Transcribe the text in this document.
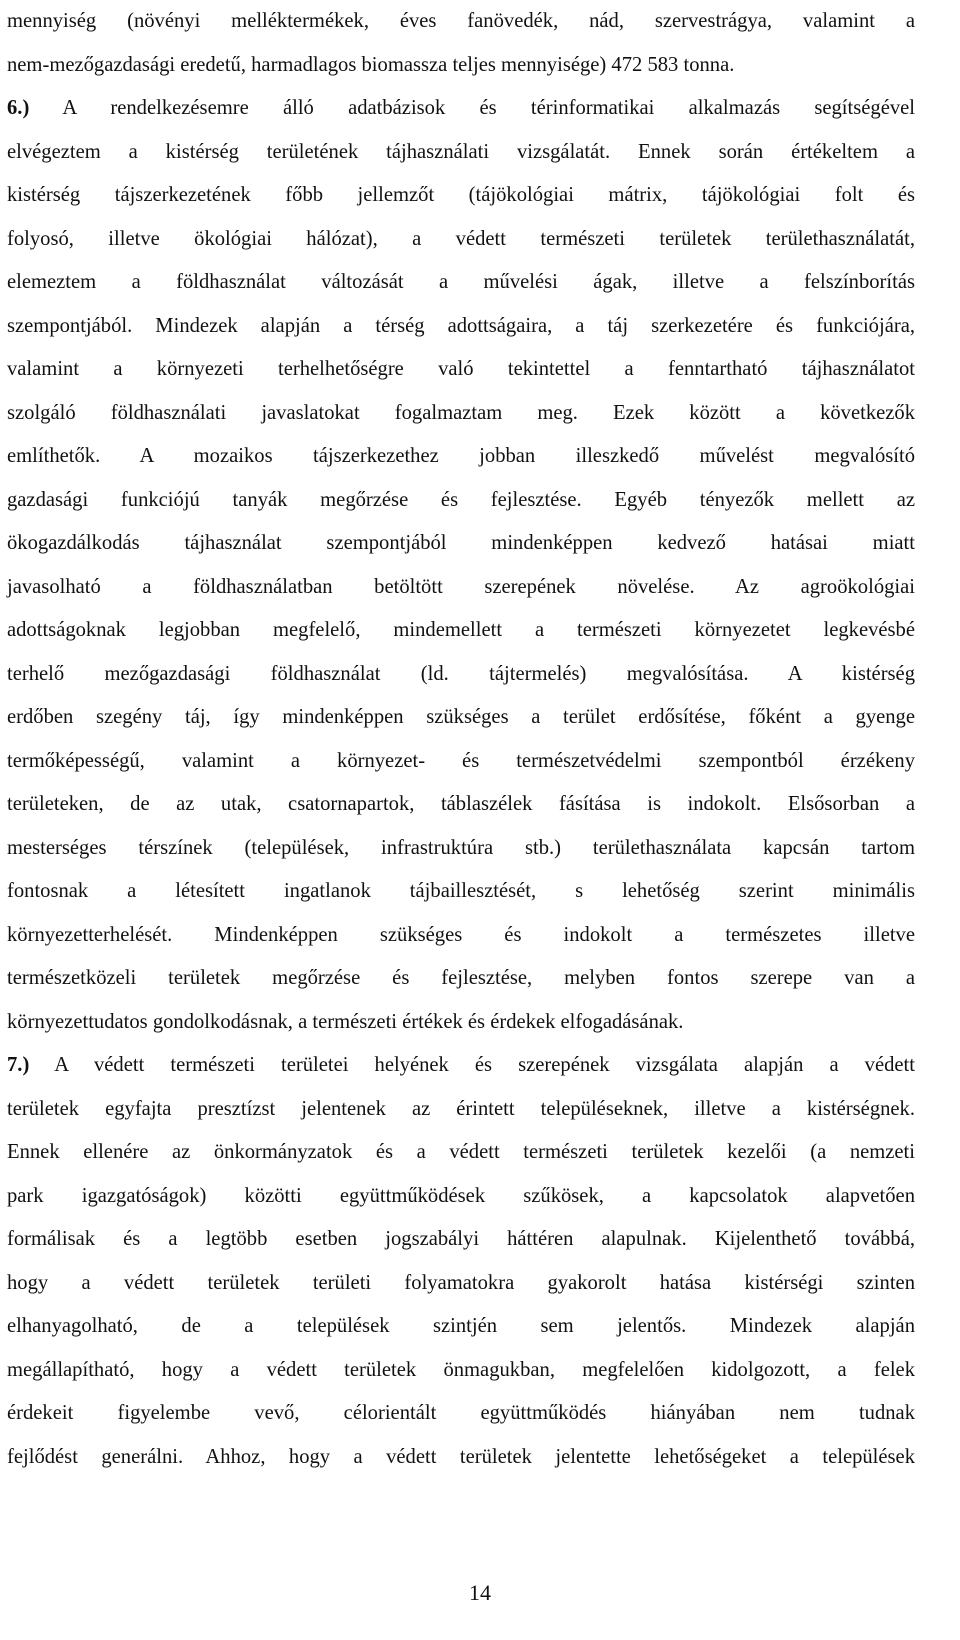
mennyiség (növényi melléktermékek, éves fanövedék, nád, szervestrágya, valamint a
nem-mezőgazdasági eredetű, harmadlagos biomassza teljes mennyisége) 472 583 tonna.
6.) A rendelkezésemre álló adatbázisok és térinformatikai alkalmazás segítségével
elvégeztem a kistérség területének tájhasználati vizsgálatát. Ennek során értékeltem a
kistérség tájszerkezetének főbb jellemzőt (tájökológiai mátrix, tájökológiai folt és
folyosó, illetve ökológiai hálózat), a védett természeti területek területhasználatát,
elemeztem a földhasználat változását a művelési ágak, illetve a felszínborítás
szempontjából. Mindezek alapján a térség adottságaira, a táj szerkezetére és funkciójára,
valamint a környezeti terhelhetőségre való tekintettel a fenntartható tájhasználatot
szolgáló földhasználati javaslatokat fogalmaztam meg. Ezek között a következők
említhetők. A mozaikos tájszerkezethez jobban illeszkedő művelést megvalósító
gazdasági funkciójú tanyák megőrzése és fejlesztése. Egyéb tényezők mellett az
ökogazdálkodás tájhasználat szempontjából mindenképpen kedvező hatásai miatt
javasolható a földhasználatban betöltött szerepének növelése. Az agroökológiai
adottságoknak legjobban megfelelő, mindemellett a természeti környezetet legkevésbé
terhelő mezőgazdasági földhasználat (ld. tájtermelés) megvalósítása. A kistérség
erdőben szegény táj, így mindenképpen szükséges a terület erdősítése, főként a gyenge
termőképességű, valamint a környezet- és természetvédelmi szempontból érzékeny
területeken, de az utak, csatornapartok, táblaszélek fásítása is indokolt. Elsősorban a
mesterséges térszínek (települések, infrastruktúra stb.) területhasználata kapcsán tartom
fontosnak a létesített ingatlanok tájbaillesztését, s lehetőség szerint minimális
környezetterhelését. Mindenképpen szükséges és indokolt a természetes illetve
természetközeli területek megőrzése és fejlesztése, melyben fontos szerepe van a
környezettudatos gondolkodásnak, a természeti értékek és érdekek elfogadásának.
7.) A védett természeti területei helyének és szerepének vizsgálata alapján a védett
területek egyfajta presztízst jelentenek az érintett településeknek, illetve a kistérségnek.
Ennek ellenére az önkormányzatok és a védett természeti területek kezelői (a nemzeti
park igazgatóságok) közötti együttműködések szűkösek, a kapcsolatok alapvetően
formálisak és a legtöbb esetben jogszabályi háttéren alapulnak. Kijelenthető továbbá,
hogy a védett területek területi folyamatokra gyakorolt hatása kistérségi szinten
elhanyagolható, de a települések szintjén sem jelentős. Mindezek alapján
megállapítható, hogy a védett területek önmagukban, megfelelően kidolgozott, a felek
érdekeit figyelembe vevő, célorientált együttműködés hiányában nem tudnak
fejlődést generálni. Ahhoz, hogy a védett területek jelentette lehetőségeket a települések
14
